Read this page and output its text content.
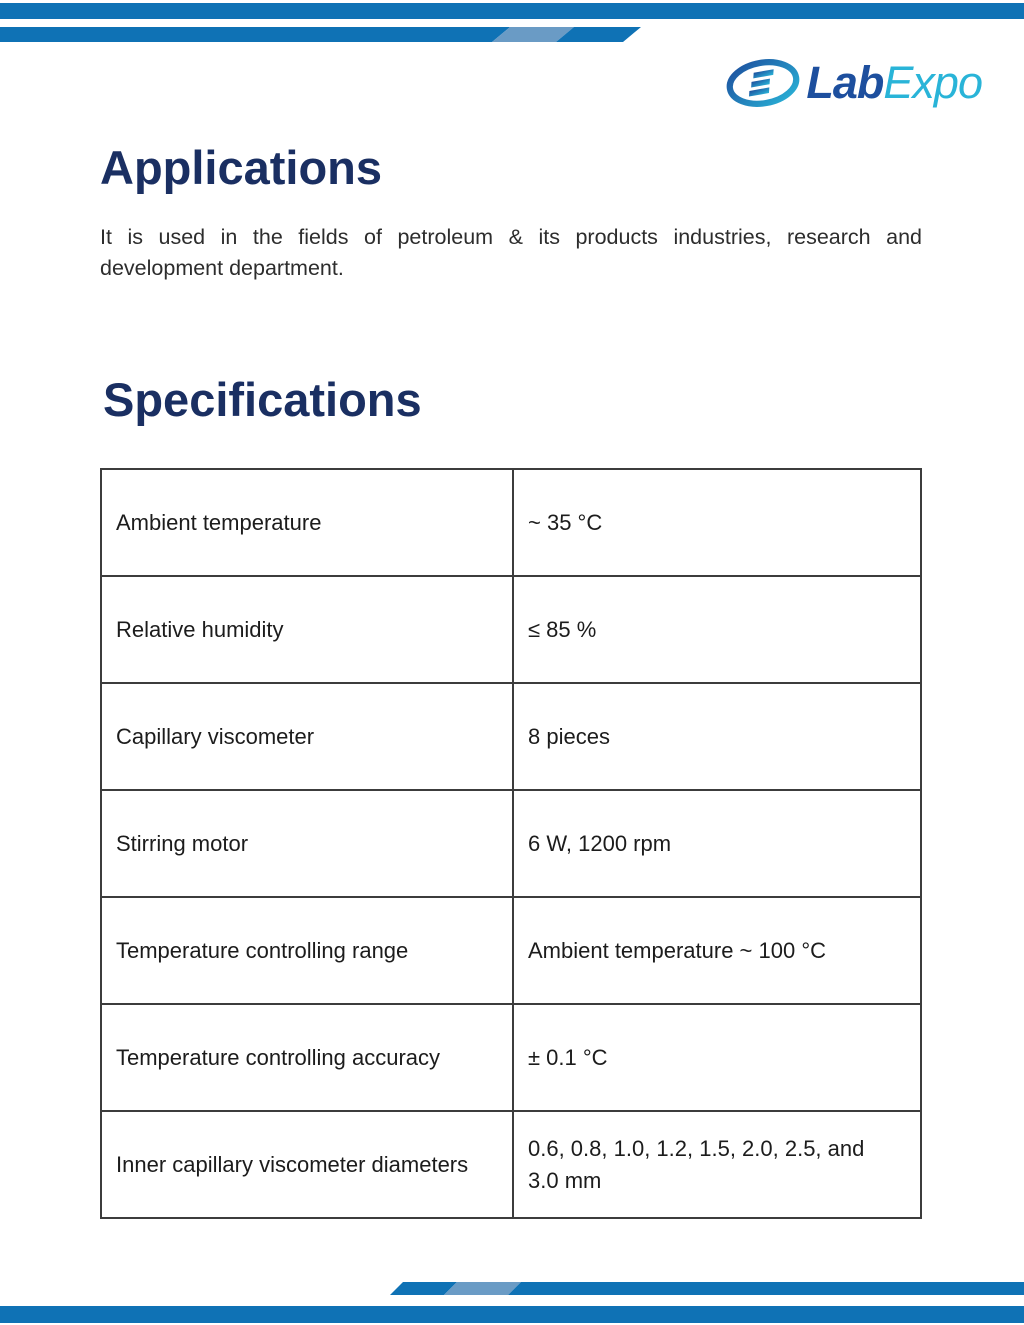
LabExpo
Applications

It is used in the fields of petroleum & its products industries, research and development department.

Specifications
Ambient temperature	~ 35 °C
Relative humidity	≤ 85 %
Capillary viscometer	8 pieces
Stirring motor	6 W, 1200 rpm
Temperature controlling range	Ambient temperature ~ 100 °C
Temperature controlling accuracy	± 0.1 °C
Inner capillary viscometer diameters	0.6, 0.8, 1.0, 1.2, 1.5, 2.0, 2.5, and 3.0 mm
